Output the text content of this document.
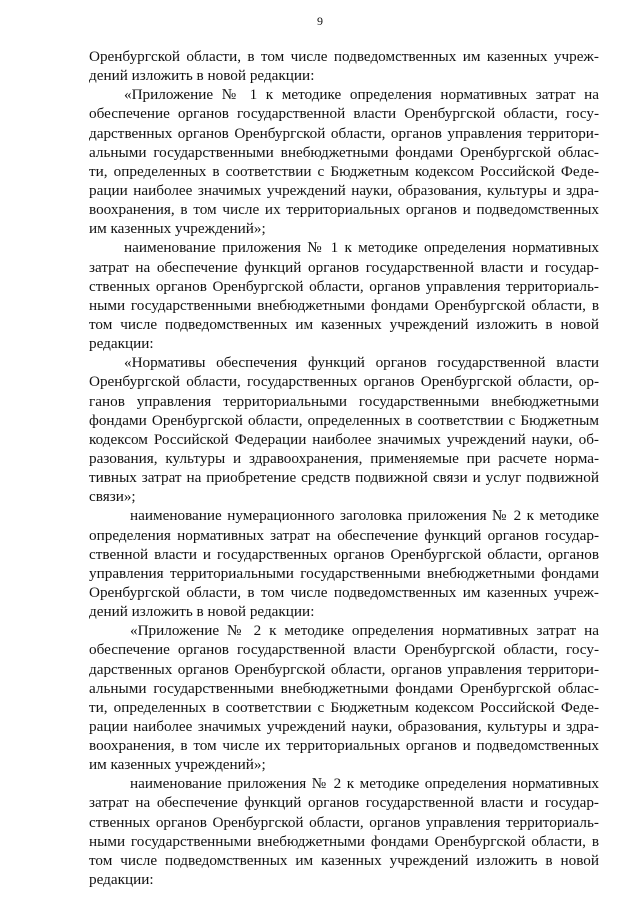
9
Оренбургской области, в том числе подведомственных им казенных учреж-
дений изложить в новой редакции:
«Приложение № 1 к методике определения нормативных затрат на
обеспечение органов государственной власти Оренбургской области, госу-
дарственных органов Оренбургской области, органов управления территори-
альными государственными внебюджетными фондами Оренбургской облас-
ти, определенных в соответствии с Бюджетным кодексом Российской Феде-
рации наиболее значимых учреждений науки, образования, культуры и здра-
воохранения, в том числе их территориальных органов и подведомственных
им казенных учреждений»;
наименование приложения № 1 к методике определения нормативных
затрат на обеспечение функций органов государственной власти и государ-
ственных органов Оренбургской области, органов управления территориаль-
ными государственными внебюджетными фондами Оренбургской области, в
том числе подведомственных им казенных учреждений изложить в новой
редакции:
«Нормативы обеспечения функций органов государственной власти
Оренбургской области, государственных органов Оренбургской области, ор-
ганов управления территориальными государственными внебюджетными
фондами Оренбургской области, определенных в соответствии с Бюджетным
кодексом Российской Федерации наиболее значимых учреждений науки, об-
разования, культуры и здравоохранения, применяемые при расчете норма-
тивных затрат на приобретение средств подвижной связи и услуг подвижной
связи»;
наименование нумерационного заголовка приложения № 2 к методике
определения нормативных затрат на обеспечение функций органов государ-
ственной власти и государственных органов Оренбургской области, органов
управления территориальными государственными внебюджетными фондами
Оренбургской области, в том числе подведомственных им казенных учреж-
дений изложить в новой редакции:
«Приложение № 2 к методике определения нормативных затрат на
обеспечение органов государственной власти Оренбургской области, госу-
дарственных органов Оренбургской области, органов управления территори-
альными государственными внебюджетными фондами Оренбургской облас-
ти, определенных в соответствии с Бюджетным кодексом Российской Феде-
рации наиболее значимых учреждений науки, образования, культуры и здра-
воохранения, в том числе их территориальных органов и подведомственных
им казенных учреждений»;
наименование приложения № 2 к методике определения нормативных
затрат на обеспечение функций органов государственной власти и государ-
ственных органов Оренбургской области, органов управления территориаль-
ными государственными внебюджетными фондами Оренбургской области, в
том числе подведомственных им казенных учреждений изложить в новой
редакции:
